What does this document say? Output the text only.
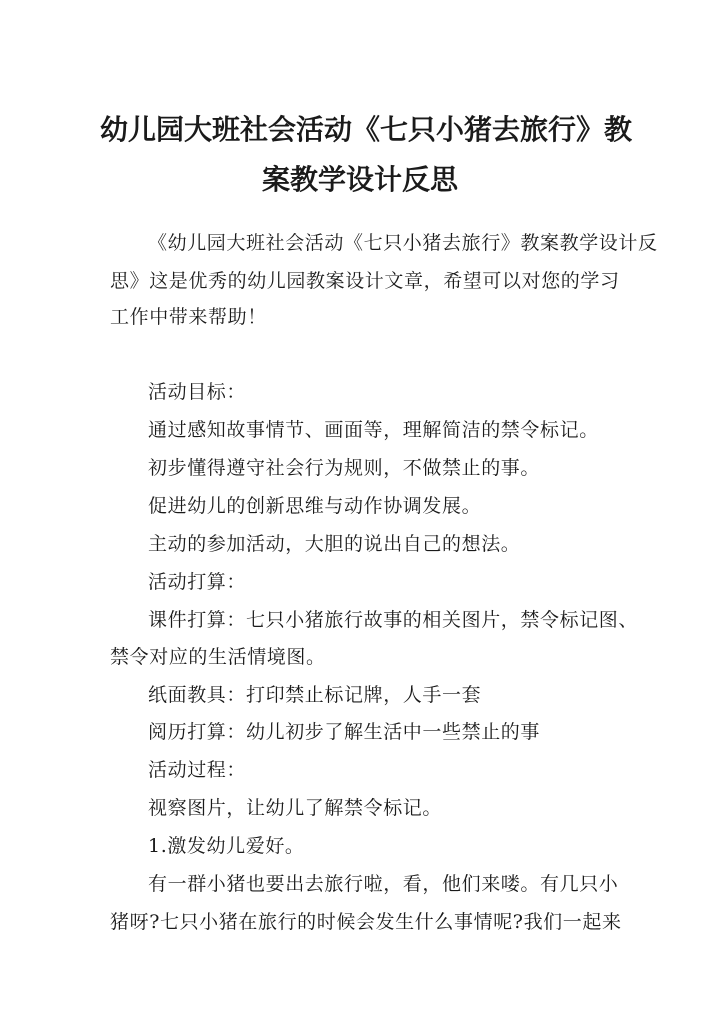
幼儿园大班社会活动《七只小猪去旅行》教
案教学设计反思
《幼儿园大班社会活动《七只小猪去旅行》教案教学设计反
思》这是优秀的幼儿园教案设计文章，希望可以对您的学习
工作中带来帮助！
活动目标：
通过感知故事情节、画面等，理解简洁的禁令标记。
初步懂得遵守社会行为规则，不做禁止的事。
促进幼儿的创新思维与动作协调发展。
主动的参加活动，大胆的说出自己的想法。
活动打算：
课件打算：七只小猪旅行故事的相关图片，禁令标记图、
禁令对应的生活情境图。
纸面教具：打印禁止标记牌，人手一套
阅历打算：幼儿初步了解生活中一些禁止的事
活动过程：
视察图片，让幼儿了解禁令标记。
1.激发幼儿爱好。
有一群小猪也要出去旅行啦，看，他们来喽。有几只小
猪呀?七只小猪在旅行的时候会发生什么事情呢?我们一起来
